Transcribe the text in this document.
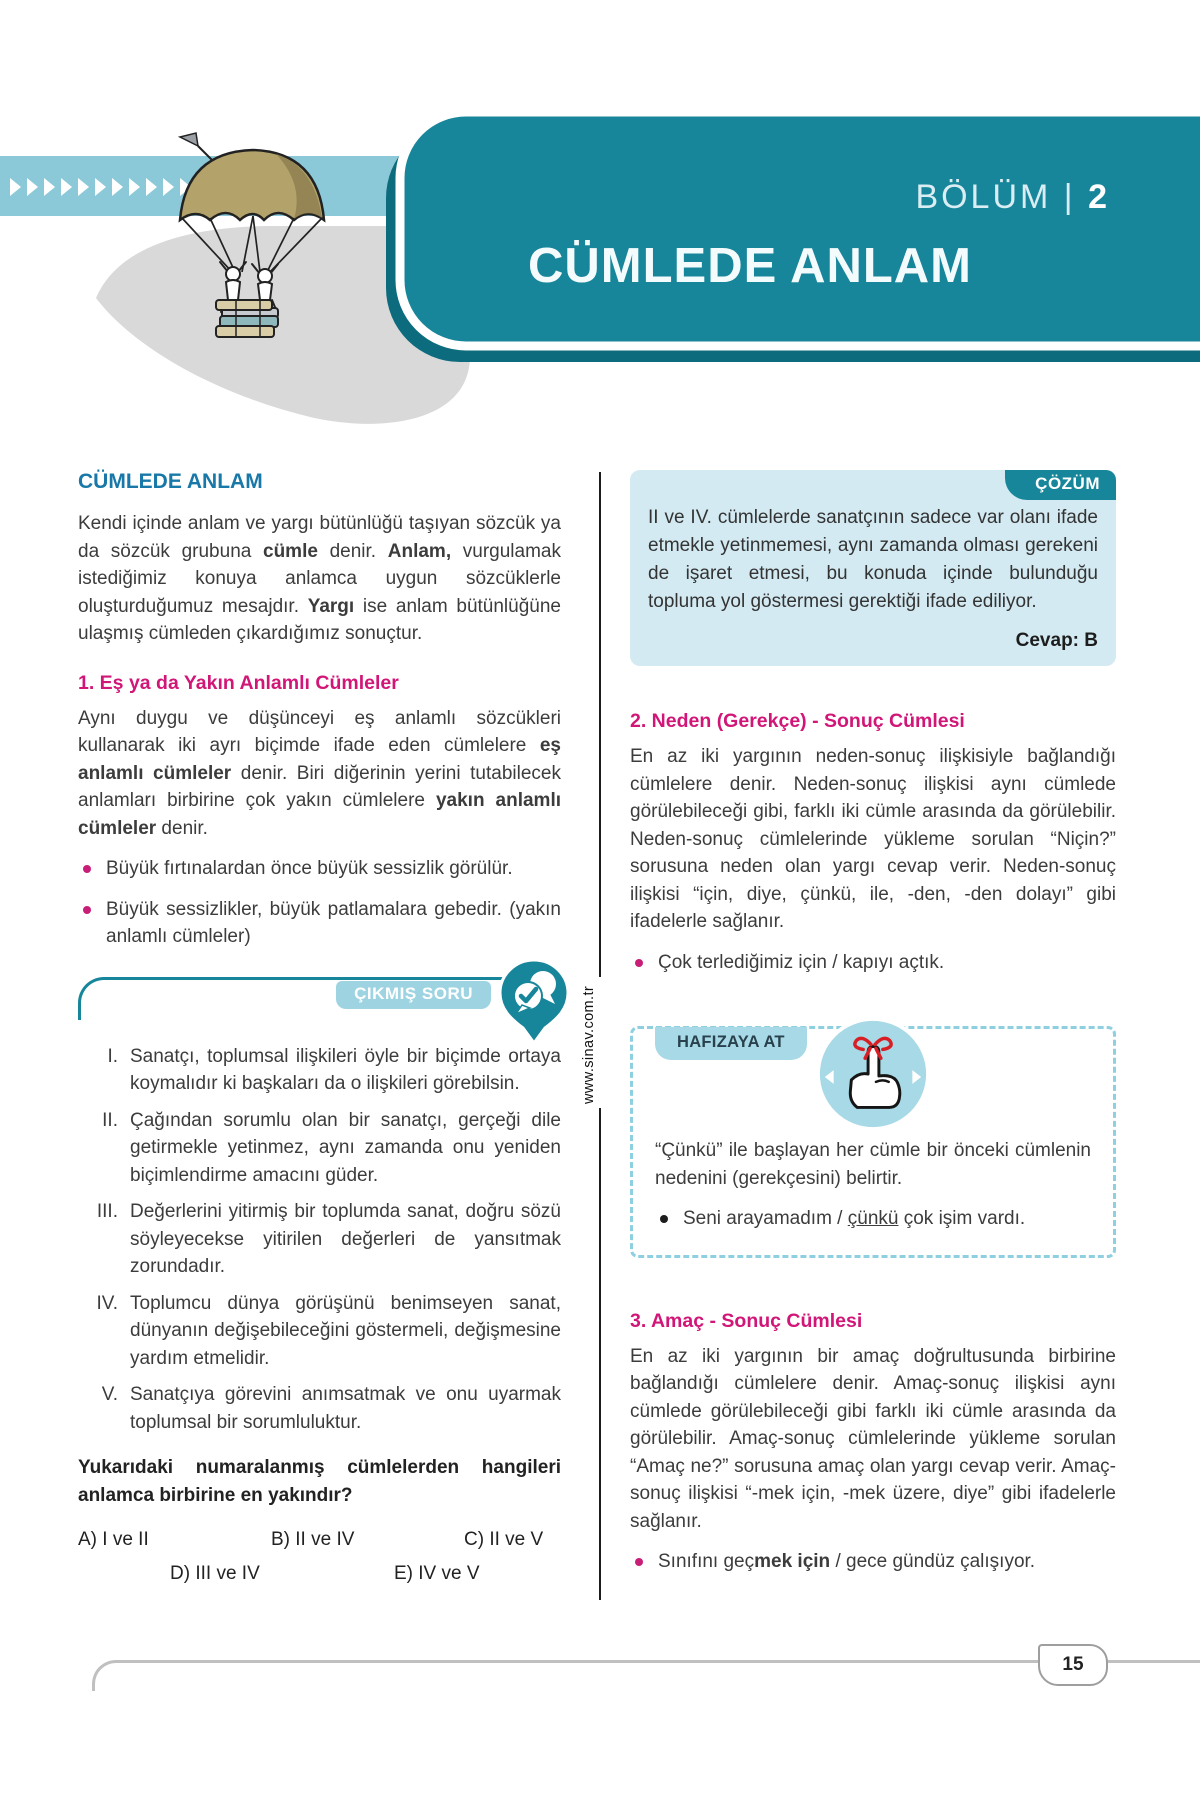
BÖLÜM | 2
CÜMLEDE ANLAM
CÜMLEDE ANLAM

Kendi içinde anlam ve yargı bütünlüğü taşıyan sözcük ya da sözcük grubuna cümle denir. Anlam, vurgulamak istediğimiz konuya anlamca uygun sözcüklerle oluşturduğumuz mesajdır. Yargı ise anlam bütünlüğüne ulaşmış cümleden çıkardığımız sonuçtur.

1. Eş ya da Yakın Anlamlı Cümleler

Aynı duygu ve düşünceyi eş anlamlı sözcükleri kullanarak iki ayrı biçimde ifade eden cümlelere eş anlamlı cümleler denir. Biri diğerinin yerini tutabilecek anlamları birbirine çok yakın cümlelere yakın anlamlı cümleler denir.

Büyük fırtınalardan önce büyük sessizlik görülür.

Büyük sessizlikler, büyük patlamalara gebedir. (yakın anlamlı cümleler)

ÇIKMIŞ SORU
I. Sanatçı, toplumsal ilişkileri öyle bir biçimde ortaya koymalıdır ki başkaları da o ilişkileri görebilsin.
II. Çağından sorumlu olan bir sanatçı, gerçeği dile getirmekle yetinmez, aynı zamanda onu yeniden biçimlendirme amacını güder.
III. Değerlerini yitirmiş bir toplumda sanat, doğru sözü söyleyecekse yitirilen değerleri de yansıtmak zorundadır.
IV. Toplumcu dünya görüşünü benimseyen sanat, dünyanın değişebileceğini göstermeli, değişmesine yardım etmelidir.
V. Sanatçıya görevini anımsatmak ve onu uyarmak toplumsal bir sorumluluktur.

Yukarıdaki numaralanmış cümlelerden hangileri anlamca birbirine en yakındır?

A) I ve II	B) II ve IV	C) II ve V
D) III ve IV	E) IV ve V
ÇÖZÜM

II ve IV. cümlelerde sanatçının sadece var olanı ifade etmekle yetinmemesi, aynı zamanda olması gerekeni de işaret etmesi, bu konuda içinde bulunduğu topluma yol göstermesi gerektiği ifade ediliyor.

Cevap: B
2. Neden (Gerekçe) - Sonuç Cümlesi

En az iki yargının neden-sonuç ilişkisiyle bağlandığı cümlelere denir. Neden-sonuç ilişkisi aynı cümlede görülebileceği gibi, farklı iki cümle arasında da görülebilir. Neden-sonuç cümlelerinde yükleme sorulan “Niçin?” sorusuna neden olan yargı cevap verir. Neden-sonuç ilişkisi “için, diye, çünkü, ile, -den, -den dolayı” gibi ifadelerle sağlanır.

Çok terlediğimiz için / kapıyı açtık.

HAFIZAYA AT

“Çünkü” ile başlayan her cümle bir önceki cümlenin nedenini (gerekçesini) belirtir.

Seni arayamadım / çünkü çok işim vardı.

3. Amaç - Sonuç Cümlesi

En az iki yargının bir amaç doğrultusunda birbirine bağlandığı cümlelere denir. Amaç-sonuç ilişkisi aynı cümlede görülebileceği gibi farklı iki cümle arasında da görülebilir. Amaç-sonuç cümlelerinde yükleme sorulan “Amaç ne?” sorusuna amaç olan yargı cevap verir. Amaç-sonuç ilişkisi “-mek için, -mek üzere, diye” gibi ifadelerle sağlanır.

Sınıfını geçmek için / gece gündüz çalışıyor.

www.sinav.com.tr
15
